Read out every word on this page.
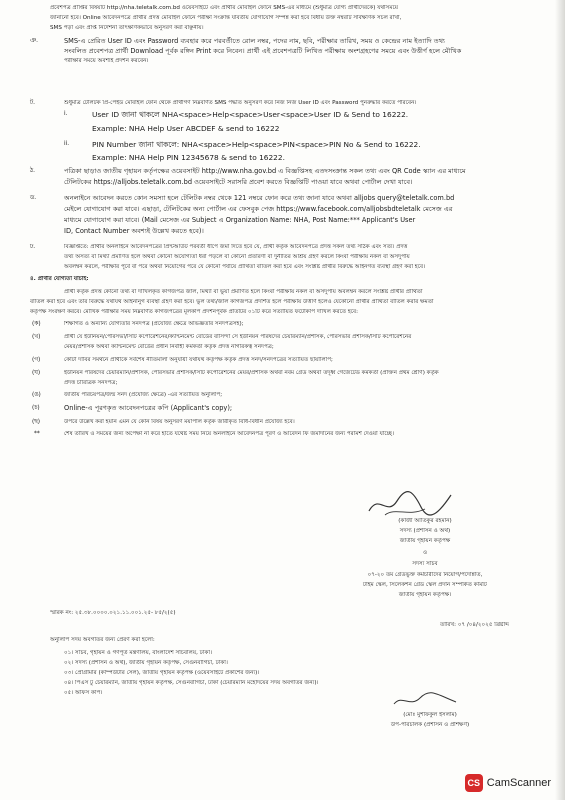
প্রবেশপত্র প্রাপ্তির বিষয়টি http://nha.teletalk.com.bd ওয়েবসাইটে এবং প্রার্থীর মোবাইল ফোনে SMS-এর মাধ্যমে (শুধুমাত্র যোগ্য প্রার্থীদেরকে) যথাসময়ে
জানানো হবে। Online আবেদনপত্রে প্রার্থীর প্রদত্ত মোবাইল ফোনে পরীক্ষা সংক্রান্ত যাবতীয় যোগাযোগ সম্পন্ন করা হবে বিধায় উক্ত নম্বরটি সার্বক্ষণিক সচল রাখা,
SMS পড়া এবং প্রাপ্ত নির্দেশনা তাৎক্ষণিকভাবে অনুসরণ করা বাঞ্ছনীয়।
ঞ.	SMS-এ প্রেরিত User ID এবং Password ব্যবহার করে পরবর্তীতে রোল নম্বর, পদের নাম, ছবি, পরীক্ষার তারিখ, সময় ও কেন্দ্রের নাম ইত্যাদি তথ্য
সংবলিত প্রবেশপত্র প্রার্থী Download পূর্বক রঙ্গিন Print করে নিবেন। প্রার্থী এই প্রবেশপত্রটি লিখিত পরীক্ষায় অংশগ্রহণের সময়ে এবং উত্তীর্ণ হলে মৌখিক
পরীক্ষার সময়ে অবশ্যই প্রদর্শন করবেন।
ট.	শুধুমাত্র টেলিটক প্রি-পেইড মোবাইল ফোন থেকে প্রার্থীগণ নিম্নবর্ণিত SMS পদ্ধতি অনুসরণ করে নিজ নিজ User ID এবং Password পুনরুদ্ধার করতে পারবেন।
i.	User ID জানা থাকলে NHA<space>Help<space>User<space>User ID & Send to 16222.
Example: NHA Help User ABCDEF & send to 16222
ii.	PIN Number জানা থাকলে: NHA<space>Help<space>PIN<space>PIN No & Send to 16222.
Example: NHA Help PIN 12345678 & send to 16222.
ঠ.	পত্রিকা ছাড়াও জাতীয় গৃহায়ন কর্তৃপক্ষের ওয়েবসাইট http://www.nha.gov.bd এ বিজ্ঞপ্তিসহ এতদসংক্রান্ত সকল তথ্য এবং QR Code স্ক্যান এর মাধ্যমে
টেলিটকের https://alljobs.teletalk.com.bd ওয়েবসাইটে সরাসরি প্রবেশ করতে বিজ্ঞপ্তিটি পাওয়া যাবে অথবা পোর্টাল দেখা যাবে।
ড.	অনলাইনে আবেদন করতে কোন সমস্যা হলে টেলিটক নম্বর থেকে 121 নম্বরে ফোন করে তথ্য জানা যাবে অথবা alljobs query@teletalk.com.bd
মেইলে যোগাযোগ করা যাবে। এছাড়া, টেলিটকের অন্য পোর্টাল এর ফেসবুক পেজ https://www.facebook.com/alljobsbdteletalk মেসেজ এর
মাধ্যমে যোগাযোগ করা যাবে। (Mail মেসেজ এর Subject এ Organization Name: NHA, Post Name:*** Applicant's User
ID, Contact Number অবশ্যই উল্লেখ করতে হবে)।
ঢ.	বিজ্ঞপ্তিতে: প্রার্থীর অনলাইনে আবেদনপত্রের প্রিন্টআউট পরবর্তী ধাপে জমা দিতে হবে যে, প্রার্থী কর্তৃক আবেদনপত্রে প্রদত্ত সকল তথ্য সঠিক এবং সত্য। প্রদত্ত
তথ্য অসত্য বা মিথ্যা প্রমাণিত হলে অথবা কোনো অযোগ্যতা ধরা পড়লে বা কোনো প্রতারণা বা দুর্নীতির আশ্রয় গ্রহণ করলে কিংবা পরীক্ষায় নকল বা অসদুপায়
অবলম্বন করলে, পরীক্ষার পূর্বে বা পরে অথবা নিয়োগের পরে যে কোনো পর্যায়ে প্রার্থিতা বাতিল করা হবে এবং সংশ্লিষ্ট প্রার্থীর বিরুদ্ধে আইনগত ব্যবস্থা গ্রহণ করা হবে।
৪. প্রার্থীর যোগ্যতা যাচাই:
প্রার্থী কর্তৃক প্রদত্ত কোনো তথ্য বা দাখিলকৃত কাগজপত্র জাল, মিথ্যা বা ভুয়া প্রমাণিত হলে কিংবা পরীক্ষায় নকল বা অসদুপায় অবলম্বন করলে সংশ্লিষ্ট প্রার্থীর প্রার্থিতা
বাতিল করা হবে এবং তার বিরুদ্ধে যথাযথ আইনানুগ ব্যবস্থা গ্রহণ করা হবে। ভুল তথ্য/জাল কাগজপত্র প্রদর্শিত হলে পরীক্ষায় উত্তীর্ণ হলেও যেকোনো প্রার্থীর প্রার্থিতা বাতিল করার ক্ষমতা
কর্তৃপক্ষ সংরক্ষণ করবে। মৌখিক পরীক্ষার সময় নিম্নবর্ণিত কাগজপত্রের মূলকপি প্রদর্শনপূর্বক প্রতিটির ০১টি করে সত্যায়িত ফটোকপি দাখিল করতে হবে:
(ক)	শিক্ষাগত ও অন্যান্য যোগ্যতার সনদপত্র (প্রযোজ্য ক্ষেত্রে অভিজ্ঞতার সনদপত্রসহ);
(খ)	প্রার্থী যে ইউনিয়ন/পৌরসভা/সিটি কর্পোরেশনের/ক্যান্টনমেন্ট বোর্ডের বাসিন্দা সে ইউনিয়ন পরিষদের চেয়ারম্যান/প্রশাসক, পৌরসভার প্রশাসক/সিটি কর্পোরেশনের
মেয়র/প্রশাসক অথবা ক্যান্টনমেন্ট বোর্ডের প্রধান নির্বাহী কর্মকর্তা কর্তৃক প্রদত্ত নাগরিকত্ব সনদপত্র;
(গ)	কোটা দাবির সমর্থনে প্রার্থীকে সর্বশেষ নীতিমালা অনুযায়ী যথাযথ কর্তৃপক্ষ কর্তৃক প্রদত্ত সনদ/সনদপত্রের সত্যায়িত ছায়ালিপি;
(ঘ)	ইউনিয়ন পরিষদের চেয়ারম্যান/প্রশাসক, পৌরসভার প্রশাসক/সিটি কর্পোরেশনের মেয়র/প্রশাসক অথবা নবম গ্রেড অথবা তদূর্ধ্ব গেজেটেড কর্মকর্তা (প্রাক্তন প্রথম শ্রেণি) কর্তৃক
প্রদত্ত চারিত্রিক সনদপত্র;
(ঙ)	জাতীয় পরিচয়পত্র/জন্ম সনদ (প্রযোজ্য ক্ষেত্রে) -এর সত্যায়িত অনুলিপি;
(চ)	Online-এ পূরণকৃত আবেদনপত্রের কপি (Applicant's copy);
(ছ)	উপরে উল্লেখ করা হয়নি এমন যে কোন বিষয় অনুসরণ ময়াপাল কর্তৃক জারীকৃত বিধি-বিধান প্রযোজ্য হবে।
**	শেষ তারিখ ও সময়ের জন্য অপেক্ষা না করে হাতে যথেষ্ট সময় নিয়ে অনলাইনে আবেদনপত্র পূরণ ও আবেদন ফি জমাদানের জন্য পরামর্শ দেওয়া যাচ্ছে।
(কাজী আতিকুর রহমান)
সদস্য (প্রশাসন ও অর্থ)
জাতীয় গৃহায়ন কর্তৃপক্ষ
ও
সদস্য সচিব
০৭-২০ তম গ্রেডভুক্ত কর্মচারীদের নিয়োগ/পদোন্নতি,
টাইম স্কেল, সিলেকশন গ্রেড স্কেল প্রদান সম্পর্কিত কমিটি
জাতীয় গৃহায়ন কর্তৃপক্ষ।
স্মারক নং: ২৫.৩৮.০০০০.০২১.১১.০০১.২৫- ৮৫/২(৫)
তারিখ: ০৭ /০৪/২০২৫ খ্রিষ্টাব্দ
অনুলিপি সদয় অবগতির জন্য প্রেরণ করা হলো:
০১। সচিব, গৃহায়ন ও গণপূর্ত মন্ত্রণালয়, বাংলাদেশ সচিবালয়, ঢাকা।
০২। সদস্য (প্রশাসন ও অর্থ), জাতীয় গৃহায়ন কর্তৃপক্ষ, সেগুনবাগিচা, ঢাকা।
০৩। প্রোগ্রামার (কম্পিউটার সেল), জাতীয় গৃহায়ন কর্তৃপক্ষ (ওয়েবসাইটে প্রকাশের জন্য)।
০৪। পিএস টু চেয়ারম্যান, জাতীয় গৃহায়ন কর্তৃপক্ষ, সেগুনবাগিচা, ঢাকা (চেয়ারম্যান মহোদয়ের সদয় অবগতির জন্য)।
০৫। অফিস কপি।
(মোঃ মুশফিকুল ইসলাম)
উপ-পরিচালক (প্রশাসন ও প্রশিক্ষণ)
CS CamScanner
